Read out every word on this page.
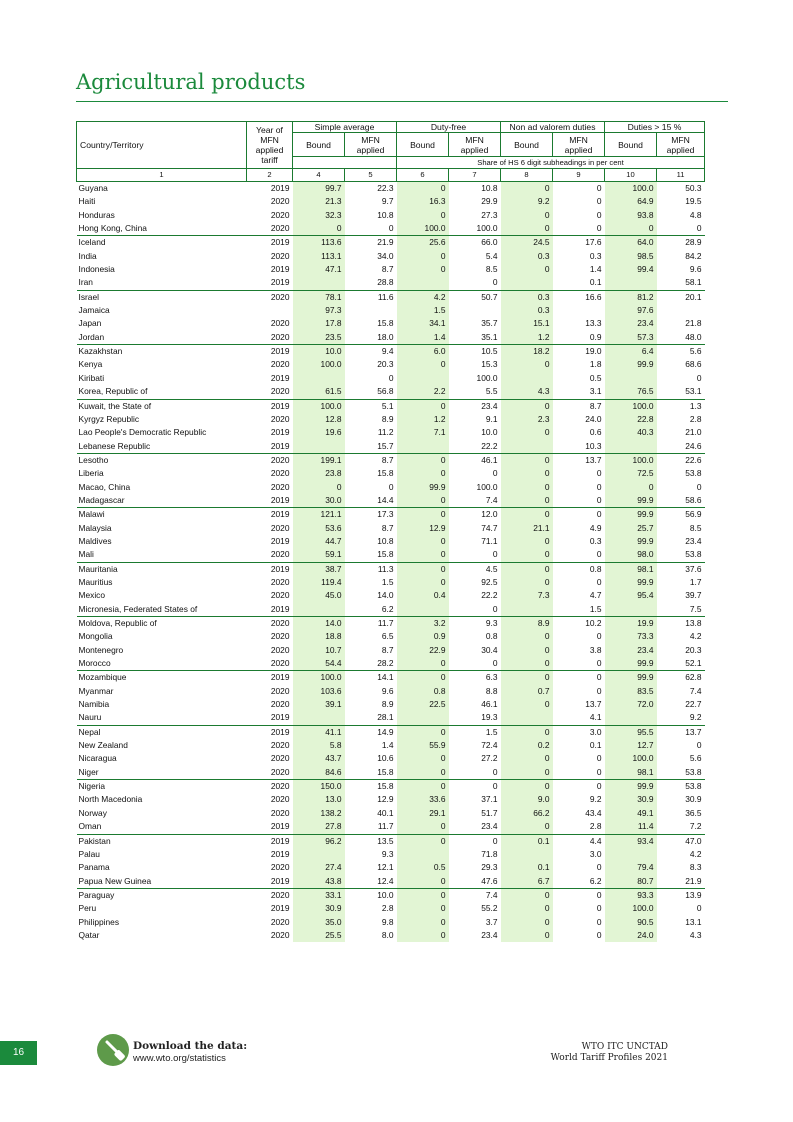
Agricultural products
Country/Territory	Year of MFN applied tariff	Simple average		Duty-free		Non ad valorem duties		Duties > 15 %	
		Bound	MFN applied	Bound	MFN applied	Bound	MFN applied	Bound	MFN applied
				Share of HS 6 digit subheadings in per cent					
1	2	4	5	6	7	8	9	10	11
Guyana	2019	99.7	22.3	0	10.8	0	0	100.0	50.3
Haiti	2020	21.3	9.7	16.3	29.9	9.2	0	64.9	19.5
Honduras	2020	32.3	10.8	0	27.3	0	0	93.8	4.8
Hong Kong, China	2020	0	0	100.0	100.0	0	0	0	0
Iceland	2019	113.6	21.9	25.6	66.0	24.5	17.6	64.0	28.9
India	2020	113.1	34.0	0	5.4	0.3	0.3	98.5	84.2
Indonesia	2019	47.1	8.7	0	8.5	0	1.4	99.4	9.6
Iran	2019		28.8		0		0.1		58.1
Israel	2020	78.1	11.6	4.2	50.7	0.3	16.6	81.2	20.1
Jamaica		97.3		1.5		0.3		97.6	
Japan	2020	17.8	15.8	34.1	35.7	15.1	13.3	23.4	21.8
Jordan	2020	23.5	18.0	1.4	35.1	1.2	0.9	57.3	48.0
Kazakhstan	2019	10.0	9.4	6.0	10.5	18.2	19.0	6.4	5.6
Kenya	2020	100.0	20.3	0	15.3	0	1.8	99.9	68.6
Kiribati	2019		0		100.0		0.5		0
Korea, Republic of	2020	61.5	56.8	2.2	5.5	4.3	3.1	76.5	53.1
Kuwait, the State of	2019	100.0	5.1	0	23.4	0	8.7	100.0	1.3
Kyrgyz Republic	2020	12.8	8.9	1.2	9.1	2.3	24.0	22.8	2.8
Lao People's Democratic Republic	2019	19.6	11.2	7.1	10.0	0	0.6	40.3	21.0
Lebanese Republic	2019		15.7		22.2		10.3		24.6
Lesotho	2020	199.1	8.7	0	46.1	0	13.7	100.0	22.6
Liberia	2020	23.8	15.8	0	0	0	0	72.5	53.8
Macao, China	2020	0	0	99.9	100.0	0	0	0	0
Madagascar	2019	30.0	14.4	0	7.4	0	0	99.9	58.6
Malawi	2019	121.1	17.3	0	12.0	0	0	99.9	56.9
Malaysia	2020	53.6	8.7	12.9	74.7	21.1	4.9	25.7	8.5
Maldives	2019	44.7	10.8	0	71.1	0	0.3	99.9	23.4
Mali	2020	59.1	15.8	0	0	0	0	98.0	53.8
Mauritania	2019	38.7	11.3	0	4.5	0	0.8	98.1	37.6
Mauritius	2020	119.4	1.5	0	92.5	0	0	99.9	1.7
Mexico	2020	45.0	14.0	0.4	22.2	7.3	4.7	95.4	39.7
Micronesia, Federated States of	2019		6.2		0		1.5		7.5
Moldova, Republic of	2020	14.0	11.7	3.2	9.3	8.9	10.2	19.9	13.8
Mongolia	2020	18.8	6.5	0.9	0.8	0	0	73.3	4.2
Montenegro	2020	10.7	8.7	22.9	30.4	0	3.8	23.4	20.3
Morocco	2020	54.4	28.2	0	0	0	0	99.9	52.1
Mozambique	2019	100.0	14.1	0	6.3	0	0	99.9	62.8
Myanmar	2020	103.6	9.6	0.8	8.8	0.7	0	83.5	7.4
Namibia	2020	39.1	8.9	22.5	46.1	0	13.7	72.0	22.7
Nauru	2019		28.1		19.3		4.1		9.2
Nepal	2019	41.1	14.9	0	1.5	0	3.0	95.5	13.7
New Zealand	2020	5.8	1.4	55.9	72.4	0.2	0.1	12.7	0
Nicaragua	2020	43.7	10.6	0	27.2	0	0	100.0	5.6
Niger	2020	84.6	15.8	0	0	0	0	98.1	53.8
Nigeria	2020	150.0	15.8	0	0	0	0	99.9	53.8
North Macedonia	2020	13.0	12.9	33.6	37.1	9.0	9.2	30.9	30.9
Norway	2020	138.2	40.1	29.1	51.7	66.2	43.4	49.1	36.5
Oman	2019	27.8	11.7	0	23.4	0	2.8	11.4	7.2
Pakistan	2019	96.2	13.5	0	0	0.1	4.4	93.4	47.0
Palau	2019		9.3		71.8		3.0		4.2
Panama	2020	27.4	12.1	0.5	29.3	0.1	0	79.4	8.3
Papua New Guinea	2019	43.8	12.4	0	47.6	6.7	6.2	80.7	21.9
Paraguay	2020	33.1	10.0	0	7.4	0	0	93.3	13.9
Peru	2019	30.9	2.8	0	55.2	0	0	100.0	0
Philippines	2020	35.0	9.8	0	3.7	0	0	90.5	13.1
Qatar	2020	25.5	8.0	0	23.4	0	0	24.0	4.3
16
Download the data:
www.wto.org/statistics
WTO ITC UNCTAD
World Tariff Profiles 2021
